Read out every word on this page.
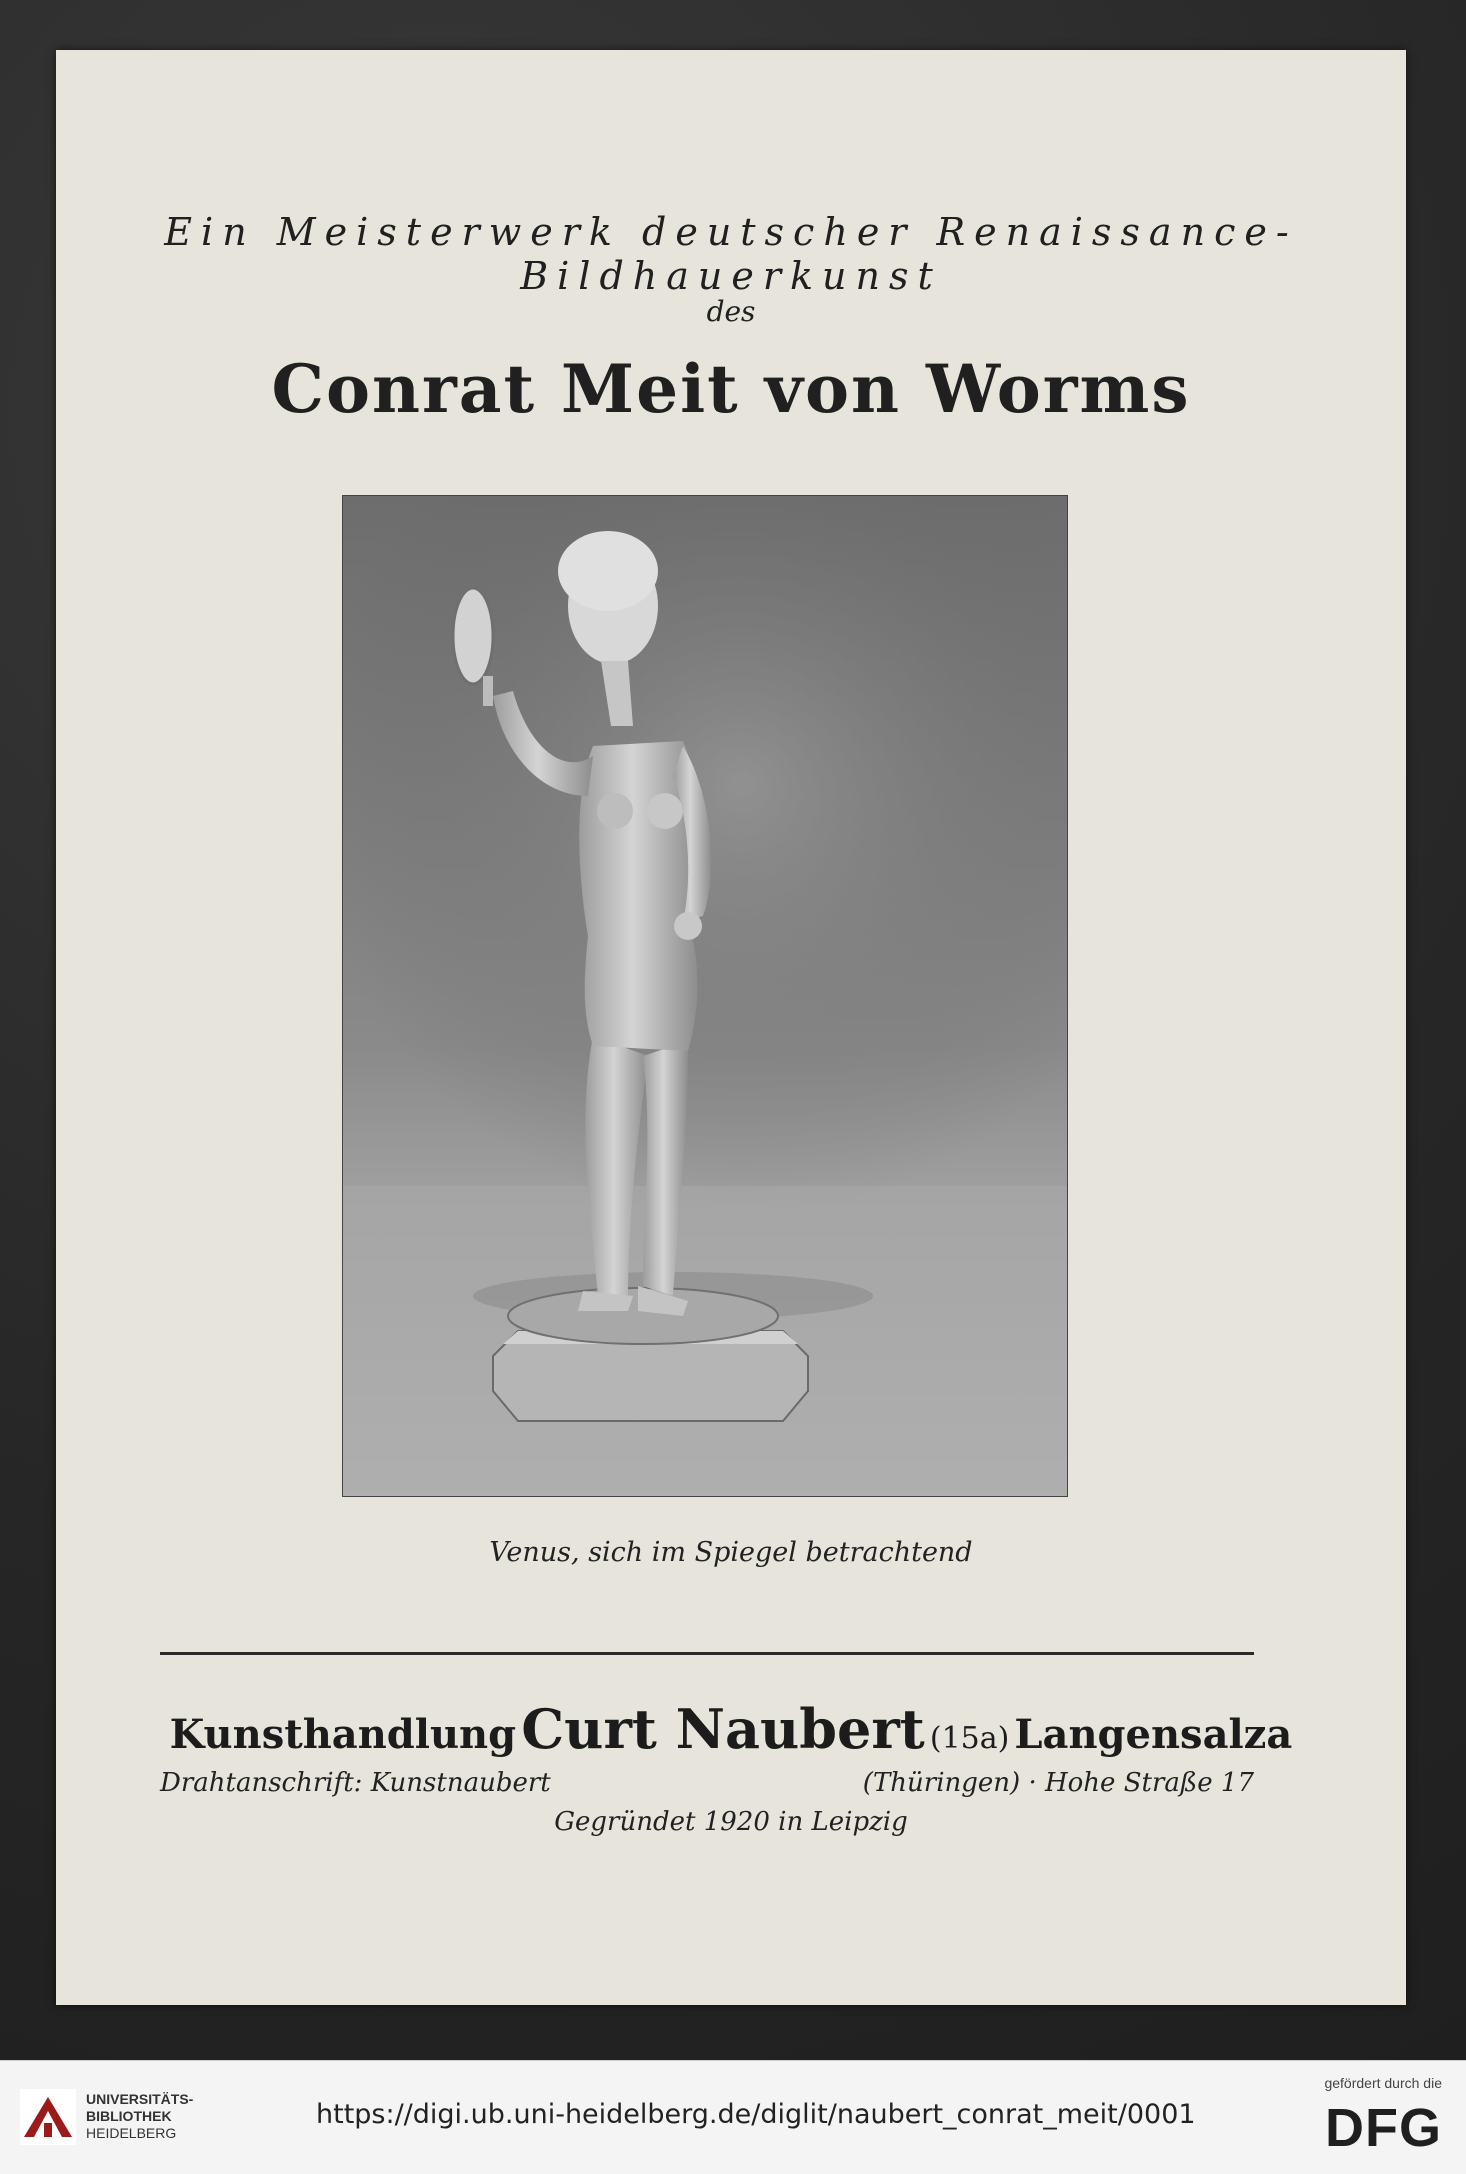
Ein Meisterwerk deutscher Renaissance-Bildhauerkunst
des
Conrat Meit von Worms
Venus, sich im Spiegel betrachtend
Kunsthandlung Curt Naubert (15a) Langensalza
Drahtanschrift: Kunstnaubert	(Thüringen) · Hohe Straße 17
Gegründet 1920 in Leipzig
UNIVERSITÄTS-
BIBLIOTHEK
HEIDELBERG
https://digi.ub.uni-heidelberg.de/diglit/naubert_conrat_meit/0001
gefördert durch die
DFG
